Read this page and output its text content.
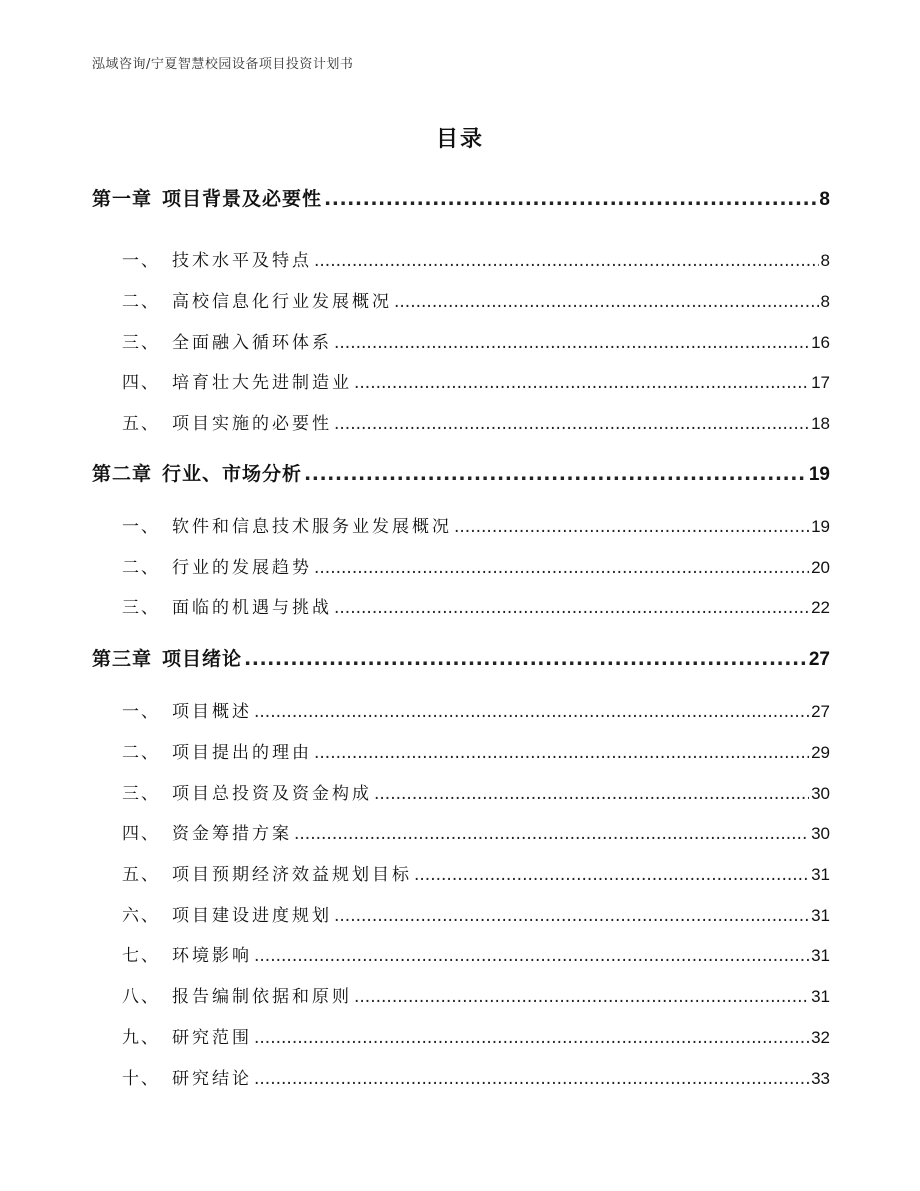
泓域咨询/宁夏智慧校园设备项目投资计划书
目录
第一章 项目背景及必要性 .....	8
一、 技术水平及特点 .....	8
二、 高校信息化行业发展概况 .....	8
三、 全面融入循环体系 .....	16
四、 培育壮大先进制造业 .....	17
五、 项目实施的必要性 .....	18
第二章 行业、市场分析 .....	19
一、 软件和信息技术服务业发展概况 .....	19
二、 行业的发展趋势 .....	20
三、 面临的机遇与挑战 .....	22
第三章 项目绪论 .....	27
一、 项目概述 .....	27
二、 项目提出的理由 .....	29
三、 项目总投资及资金构成 .....	30
四、 资金筹措方案 .....	30
五、 项目预期经济效益规划目标 .....	31
六、 项目建设进度规划 .....	31
七、 环境影响 .....	31
八、 报告编制依据和原则 .....	31
九、 研究范围 .....	32
十、 研究结论 .....	33
